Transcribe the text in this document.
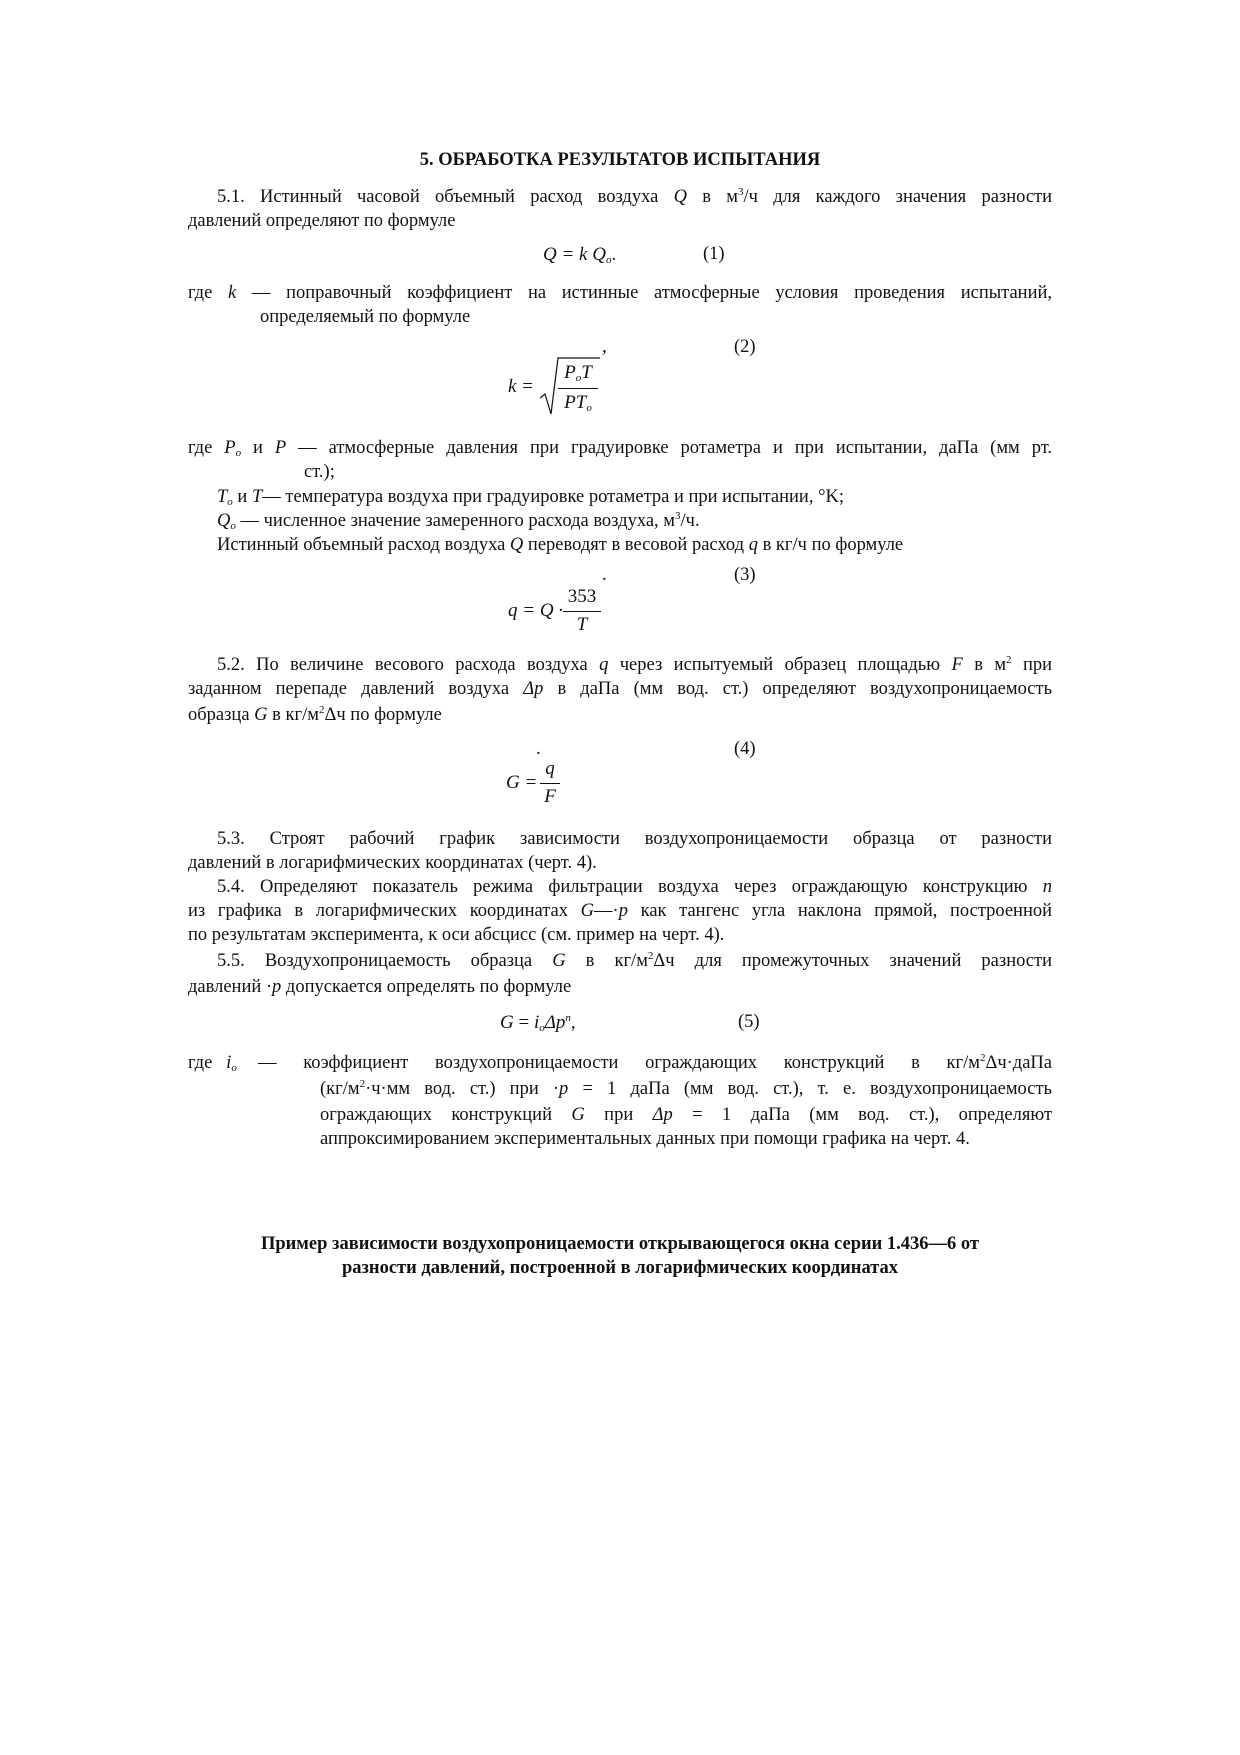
5. ОБРАБОТКА РЕЗУЛЬТАТОВ ИСПЫТАНИЯ
5.1. Истинный часовой объемный расход воздуха Q в $м^3/ч$ для каждого значения разности
давлений определяют по формуле
Q = k $Q_o$.	(1)
где k — поправочный коэффициент на истинные атмосферные условия проведения испытаний,
определяемый по формуле
k =
$P_oT$
$PT_o$
,	(2)
где $P_o$ и P — атмосферные давления при градуировке ротаметра и при испытании, даПа (мм рт.
ст.);
$T_o$ и T— температура воздуха при градуировке ротаметра и при испытании, °K;
$Q_o$ — численное значение замеренного расхода воздуха, $м^3/ч$.
Истинный объемный расход воздуха Q переводят в весовой расход q в кг/ч по формуле
q = Q ·
353
T
.	(3)
5.2. По величине весового расхода воздуха q через испытуемый образец площадью F в $м^2$ при
заданном перепаде давлений воздуха Δp в даПа (мм вод. ст.) определяют воздухопроницаемость
образца G в $кг/м^2\Delta ч$ по формуле
G =
q
F
.	(4)
5.3. Строят рабочий график зависимости воздухопроницаемости образца от разности
давлений в логарифмических координатах (черт. 4).
5.4. Определяют показатель режима фильтрации воздуха через ограждающую конструкцию n
из графика в логарифмических координатах G—·p как тангенс угла наклона прямой, построенной
по результатам эксперимента, к оси абсцисс (см. пример на черт. 4).
5.5. Воздухопроницаемость образца G в $кг/м^2\Delta ч$ для промежуточных значений разности
давлений ·p допускается определять по формуле
$G = i_o\Delta p^n$,	(5)
где $i_o$ — коэффициент воздухопроницаемости ограждающих конструкций в $кг/м^2\Delta ч\cdot даПа$
($кг/м^2\cdot ч\cdot мм$ вод. ст.) при ·p = 1 даПа (мм вод. ст.), т. е. воздухопроницаемость
ограждающих конструкций G при Δp = 1 даПа (мм вод. ст.), определяют
аппроксимированием экспериментальных данных при помощи графика на черт. 4.
Пример зависимости воздухопроницаемости открывающегося окна серии 1.436—6 от
разности давлений, построенной в логарифмических координатах
